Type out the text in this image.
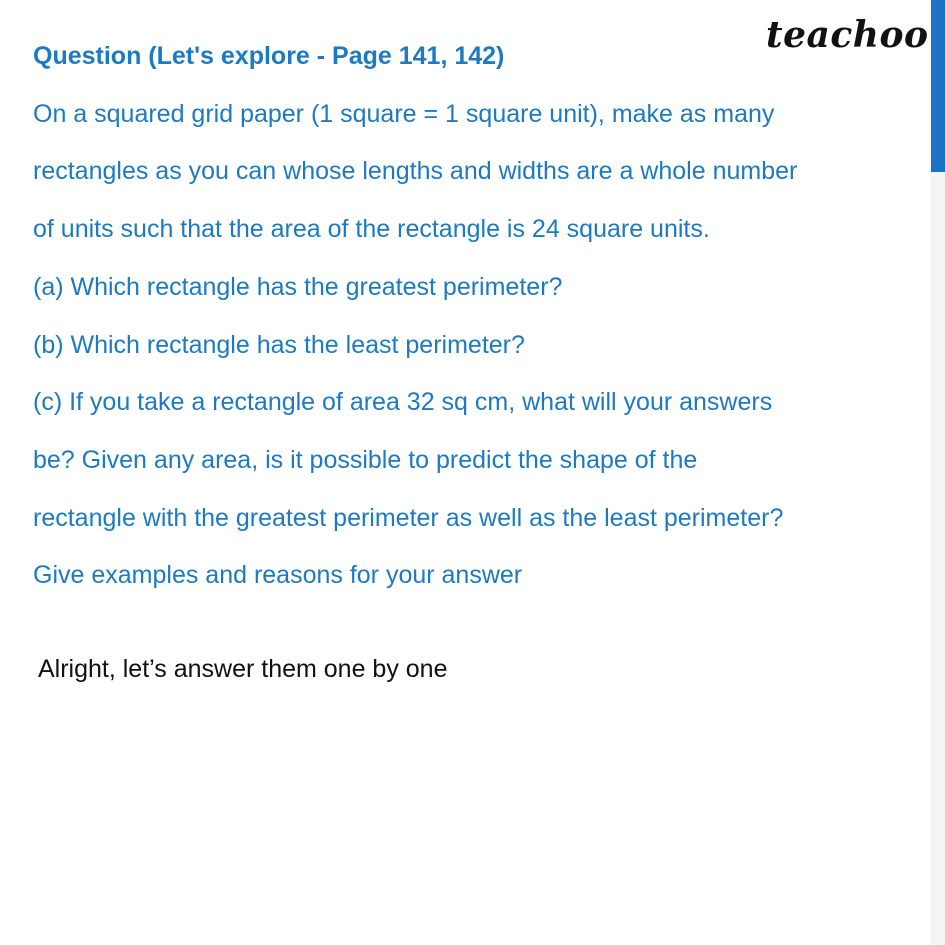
teachoo
Question (Let's explore - Page 141, 142)
On a squared grid paper (1 square = 1 square unit), make as many
rectangles as you can whose lengths and widths are a whole number
of units such that the area of the rectangle is 24 square units.
(a) Which rectangle has the greatest perimeter?
(b) Which rectangle has the least perimeter?
(c) If you take a rectangle of area 32 sq cm, what will your answers
be? Given any area, is it possible to predict the shape of the
rectangle with the greatest perimeter as well as the least perimeter?
Give examples and reasons for your answer
Alright, let’s answer them one by one
